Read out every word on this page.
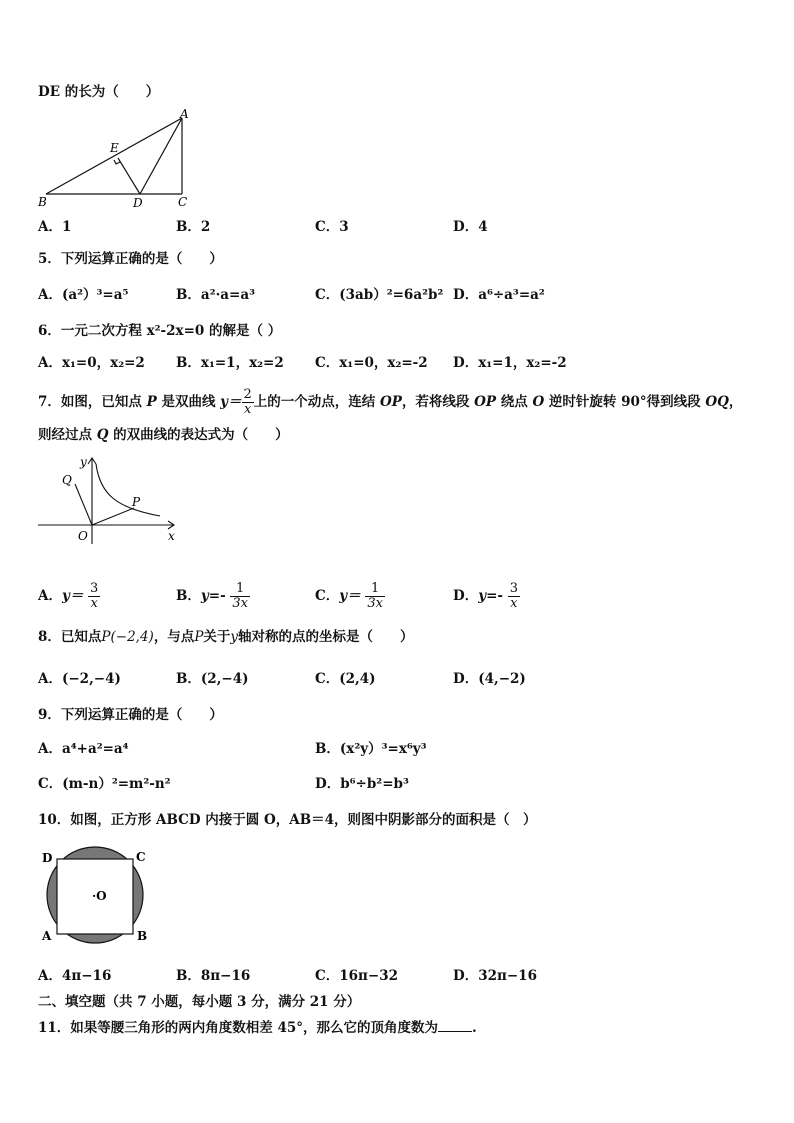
DE 的长为（　　）
A
E
B	D	C
A．1	B．2	C．3	D．4
5．下列运算正确的是（　　）
A．(a²）³=a⁵	B．a²·a=a³	C．(3ab）²=6a²b² D．a⁶÷a³=a²
6．一元二次方程 x²-2x=0 的解是（ ）
A．x₁=0，x₂=2 B．x₁=1，x₂=2 C．x₁=0，x₂=-2 D．x₁=1，x₂=-2
7．如图，已知点 P 是双曲线 $y= \frac{2}{x}$ 上的一个动点，连结 OP，若将线段 OP 绕点 O 逆时针旋转 90°得到线段 OQ，
则经过点 Q 的双曲线的表达式为（　　）
y
Q
P
O	x
A．$y= \frac{3}{x}$	B．$y=- \frac{1}{3x}$	C．$y= \frac{1}{3x}$	D．$y=- \frac{3}{x}$
8．已知点P(−2,4)，与点P关于y轴对称的点的坐标是（　　）
A．(−2,−4)	B．(2,−4)	C．(2,4)	D．(4,−2)
9．下列运算正确的是（　　）
A．a⁴+a²=a⁴	B．(x²y）³=x⁶y³
C．(m-n）²=m²-n²	D．b⁶÷b²=b³
10．如图，正方形 ABCD 内接于圆 O，AB＝4，则图中阴影部分的面积是（　）
D	C
·O
A	B
A．4π−16	B．8π−16	C．16π−32	D．32π−16
二、填空题（共 7 小题，每小题 3 分，满分 21 分）
11．如果等腰三角形的两内角度数相差 45°，那么它的顶角度数为	.
